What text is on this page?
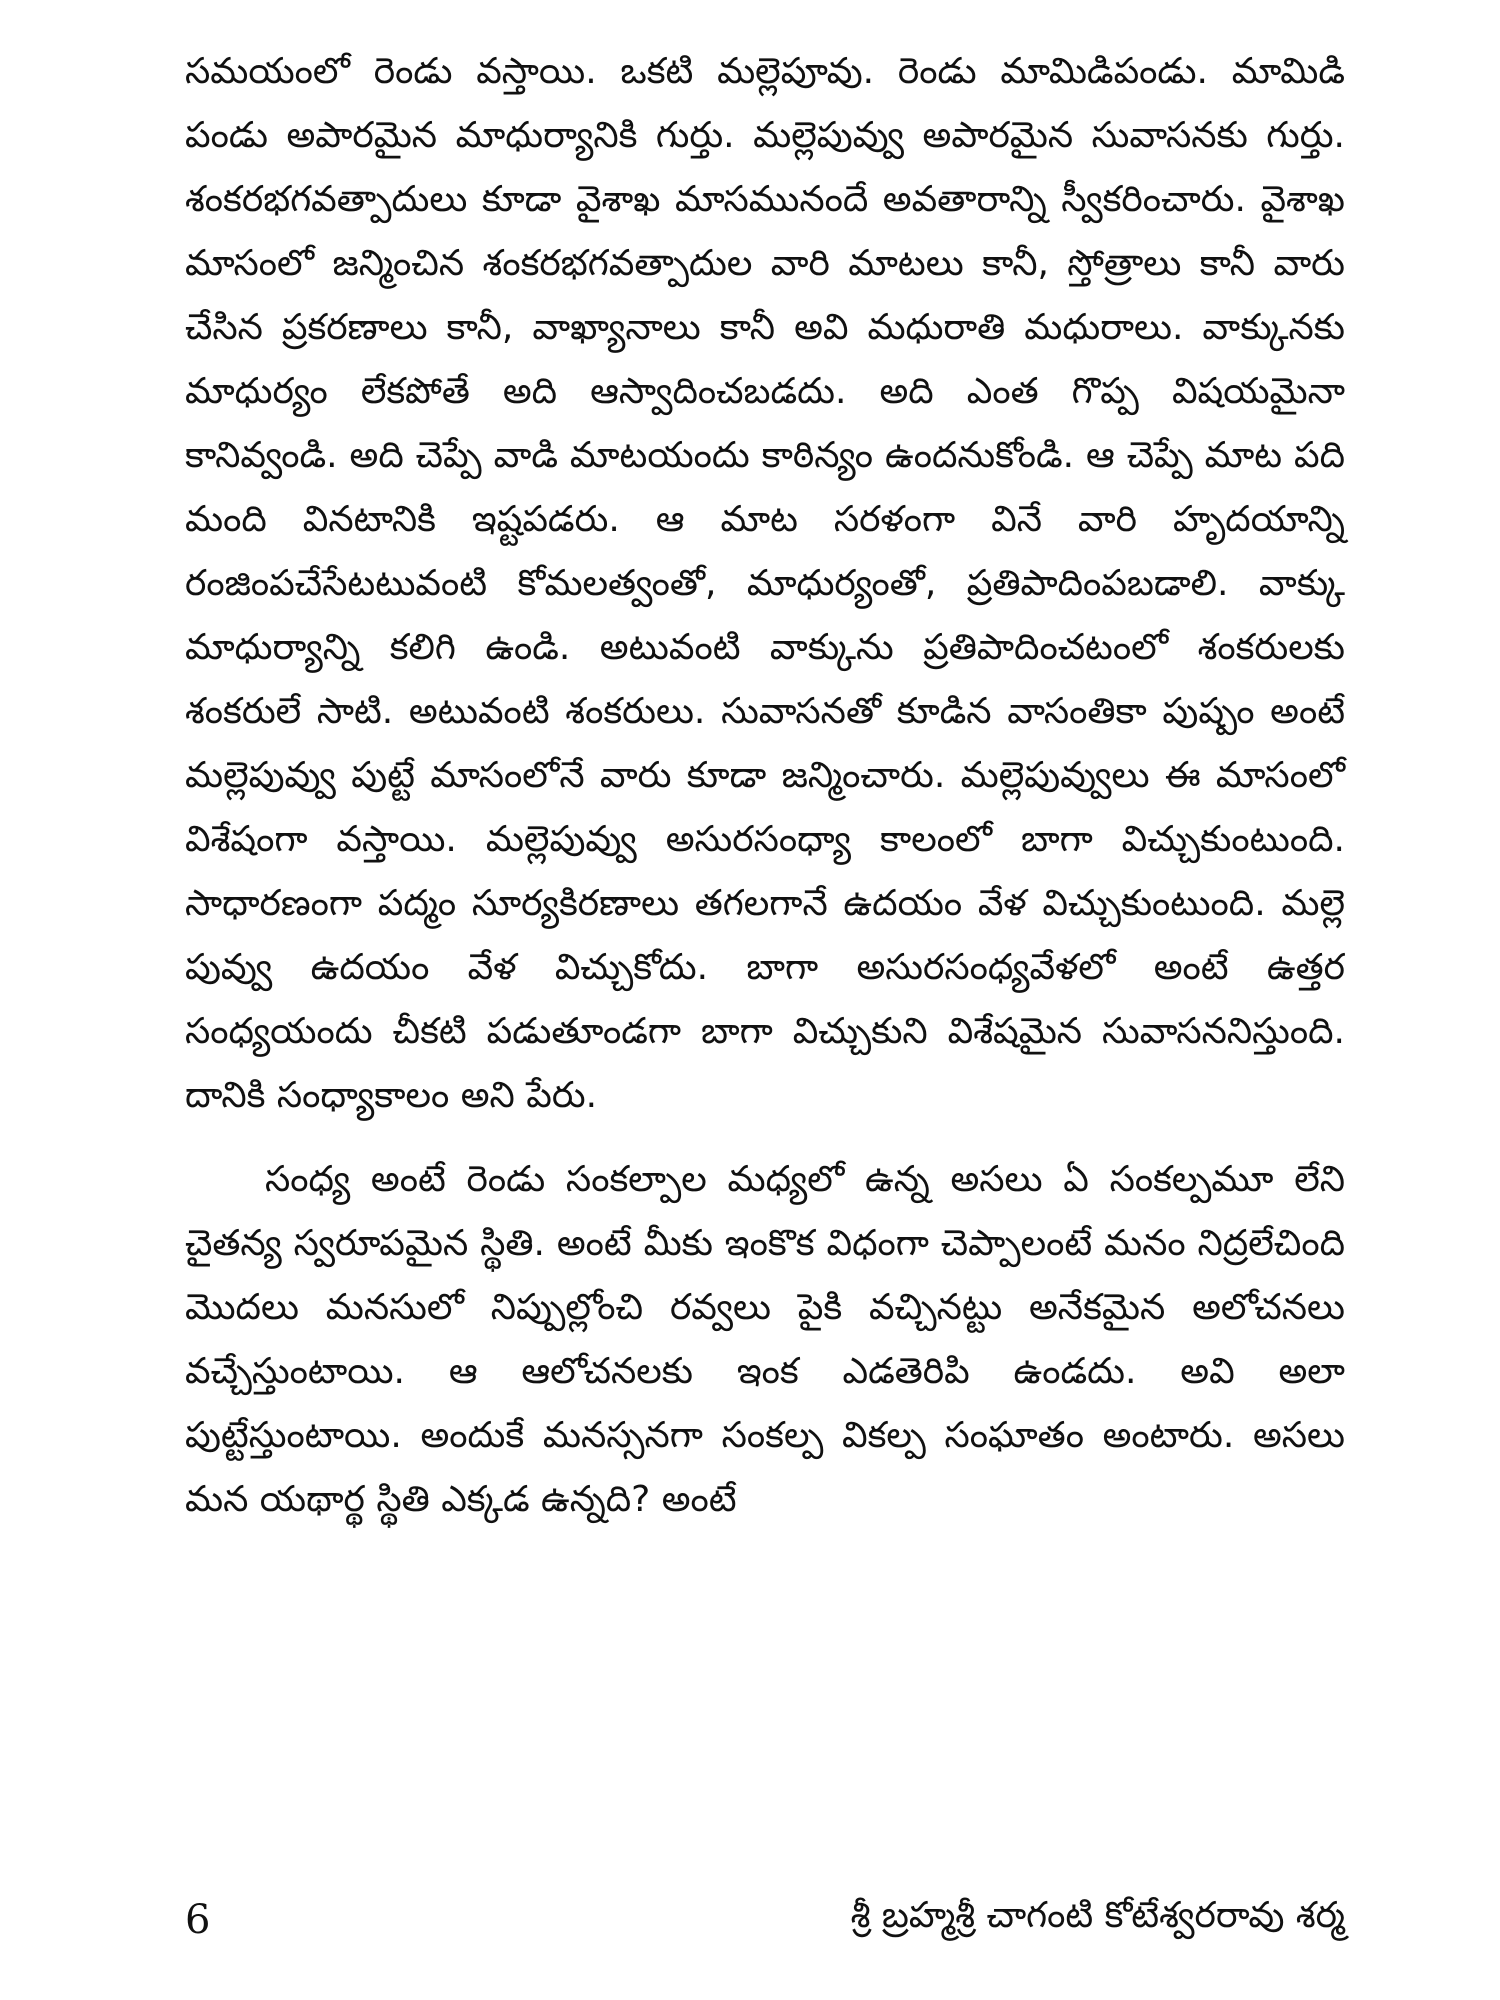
సమయంలో రెండు వస్తాయి. ఒకటి మల్లెపూవు. రెండు మామిడిపండు. మామిడి పండు అపారమైన మాధుర్యానికి గుర్తు. మల్లెపువ్వు అపారమైన సువాసనకు గుర్తు. శంకరభగవత్పాదులు కూడా వైశాఖ మాసమునందే అవతారాన్ని స్వీకరించారు. వైశాఖ మాసంలో జన్మించిన శంకరభగవత్పాదుల వారి మాటలు కానీ, స్తోత్రాలు కానీ వారు చేసిన ప్రకరణాలు కానీ, వాఖ్యానాలు కానీ అవి మధురాతి మధురాలు. వాక్కునకు మాధుర్యం లేకపోతే అది ఆస్వాదించబడదు. అది ఎంత గొప్ప విషయమైనా కానివ్వండి. అది చెప్పే వాడి మాటయందు కాఠిన్యం ఉందనుకోండి. ఆ చెప్పే మాట పది మంది వినటానికి ఇష్టపడరు. ఆ మాట సరళంగా వినే వారి హృదయాన్ని రంజింపచేసేటటువంటి కోమలత్వంతో, మాధుర్యంతో, ప్రతిపాదింపబడాలి. వాక్కు మాధుర్యాన్ని కలిగి ఉండి. అటువంటి వాక్కును ప్రతిపాదించటంలో శంకరులకు శంకరులే సాటి. అటువంటి శంకరులు. సువాసనతో కూడిన వాసంతికా పుష్పం అంటే మల్లెపువ్వు పుట్టే మాసంలోనే వారు కూడా జన్మించారు. మల్లెపువ్వులు ఈ మాసంలో విశేషంగా వస్తాయి. మల్లెపువ్వు అసురసంధ్యా కాలంలో బాగా విచ్చుకుంటుంది. సాధారణంగా పద్మం సూర్యకిరణాలు తగలగానే ఉదయం వేళ విచ్చుకుంటుంది. మల్లె పువ్వు ఉదయం వేళ విచ్చుకోదు. బాగా అసురసంధ్యవేళలో అంటే ఉత్తర సంధ్యయందు చీకటి పడుతూండగా బాగా విచ్చుకుని విశేషమైన సువాసననిస్తుంది. దానికి సంధ్యాకాలం అని పేరు.

సంధ్య అంటే రెండు సంకల్పాల మధ్యలో ఉన్న అసలు ఏ సంకల్పమూ లేని చైతన్య స్వరూపమైన స్థితి. అంటే మీకు ఇంకొక విధంగా చెప్పాలంటే మనం నిద్రలేచింది మొదలు మనసులో నిప్పుల్లోంచి రవ్వలు పైకి వచ్చినట్టు అనేకమైన అలోచనలు వచ్చేస్తుంటాయి. ఆ ఆలోచనలకు ఇంక ఎడతెరిపి ఉండదు. అవి అలా పుట్టేస్తుంటాయి. అందుకే మనస్సనగా సంకల్ప వికల్ప సంఘాతం అంటారు. అసలు మన యథార్థ స్థితి ఎక్కడ ఉన్నది? అంటే

6	శ్రీ బ్రహ్మశ్రీ చాగంటి కోటేశ్వరరావు శర్మ
